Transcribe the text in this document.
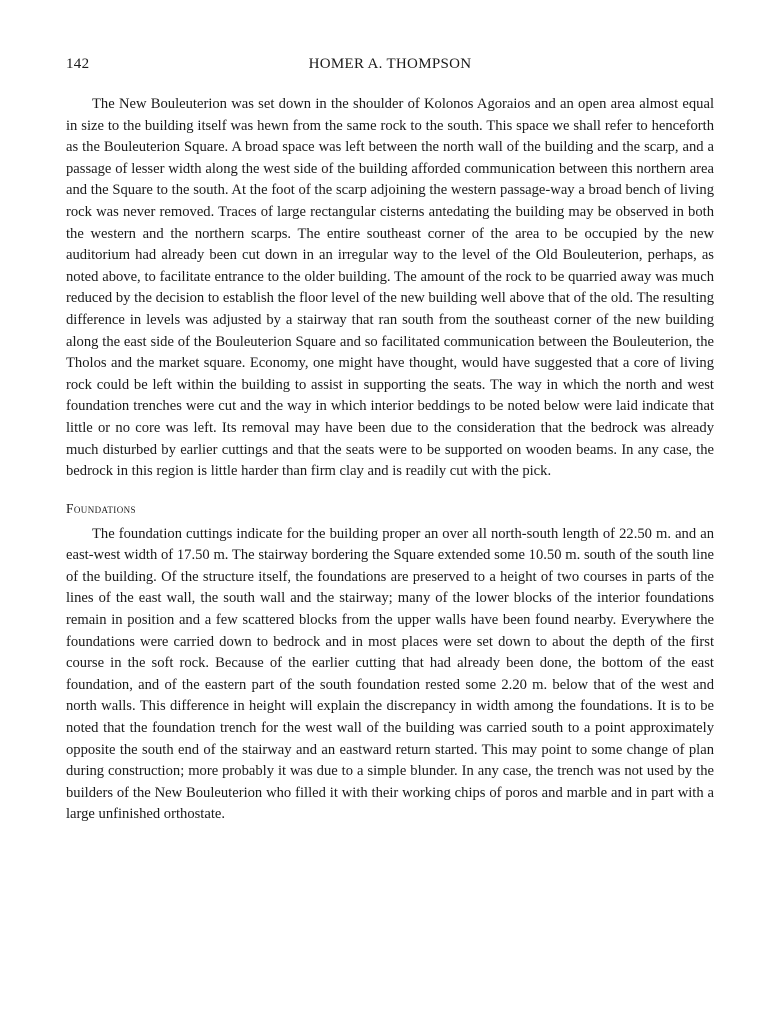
142	HOMER A. THOMPSON

The New Bouleuterion was set down in the shoulder of Kolonos Agoraios and an open area almost equal in size to the building itself was hewn from the same rock to the south. This space we shall refer to henceforth as the Bouleuterion Square. A broad space was left between the north wall of the building and the scarp, and a passage of lesser width along the west side of the building afforded communication between this northern area and the Square to the south. At the foot of the scarp adjoining the western passage-way a broad bench of living rock was never removed. Traces of large rectangular cisterns antedating the building may be observed in both the western and the northern scarps. The entire southeast corner of the area to be occupied by the new auditorium had already been cut down in an irregular way to the level of the Old Bouleuterion, perhaps, as noted above, to facilitate entrance to the older building. The amount of the rock to be quarried away was much reduced by the decision to establish the floor level of the new building well above that of the old. The resulting difference in levels was adjusted by a stairway that ran south from the southeast corner of the new building along the east side of the Bouleuterion Square and so facilitated communication between the Bouleuterion, the Tholos and the market square. Economy, one might have thought, would have suggested that a core of living rock could be left within the building to assist in supporting the seats. The way in which the north and west foundation trenches were cut and the way in which interior beddings to be noted below were laid indicate that little or no core was left. Its removal may have been due to the consideration that the bedrock was already much disturbed by earlier cuttings and that the seats were to be supported on wooden beams. In any case, the bedrock in this region is little harder than firm clay and is readily cut with the pick.

Foundations

The foundation cuttings indicate for the building proper an over all north-south length of 22.50 m. and an east-west width of 17.50 m. The stairway bordering the Square extended some 10.50 m. south of the south line of the building. Of the structure itself, the foundations are preserved to a height of two courses in parts of the lines of the east wall, the south wall and the stairway; many of the lower blocks of the interior foundations remain in position and a few scattered blocks from the upper walls have been found nearby. Everywhere the foundations were carried down to bedrock and in most places were set down to about the depth of the first course in the soft rock. Because of the earlier cutting that had already been done, the bottom of the east foundation, and of the eastern part of the south foundation rested some 2.20 m. below that of the west and north walls. This difference in height will explain the discrepancy in width among the foundations. It is to be noted that the foundation trench for the west wall of the building was carried south to a point approximately opposite the south end of the stairway and an eastward return started. This may point to some change of plan during construction; more probably it was due to a simple blunder. In any case, the trench was not used by the builders of the New Bouleuterion who filled it with their working chips of poros and marble and in part with a large unfinished orthostate.
